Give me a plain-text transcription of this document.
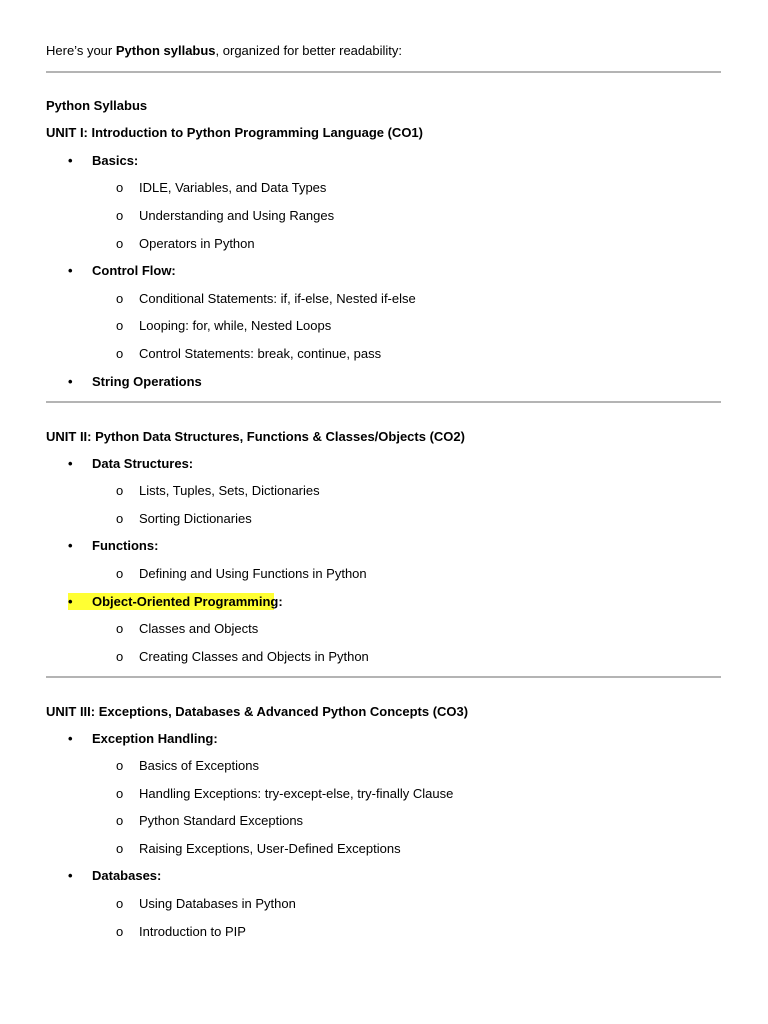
Here’s your Python syllabus, organized for better readability:
Python Syllabus
UNIT I: Introduction to Python Programming Language (CO1)
• Basics:
o IDLE, Variables, and Data Types
o Understanding and Using Ranges
o Operators in Python
• Control Flow:
o Conditional Statements: if, if-else, Nested if-else
o Looping: for, while, Nested Loops
o Control Statements: break, continue, pass
• String Operations
UNIT II: Python Data Structures, Functions & Classes/Objects (CO2)
• Data Structures:
o Lists, Tuples, Sets, Dictionaries
o Sorting Dictionaries
• Functions:
o Defining and Using Functions in Python
• Object-Oriented Programming:
o Classes and Objects
o Creating Classes and Objects in Python
UNIT III: Exceptions, Databases & Advanced Python Concepts (CO3)
• Exception Handling:
o Basics of Exceptions
o Handling Exceptions: try-except-else, try-finally Clause
o Python Standard Exceptions
o Raising Exceptions, User-Defined Exceptions
• Databases:
o Using Databases in Python
o Introduction to PIP
